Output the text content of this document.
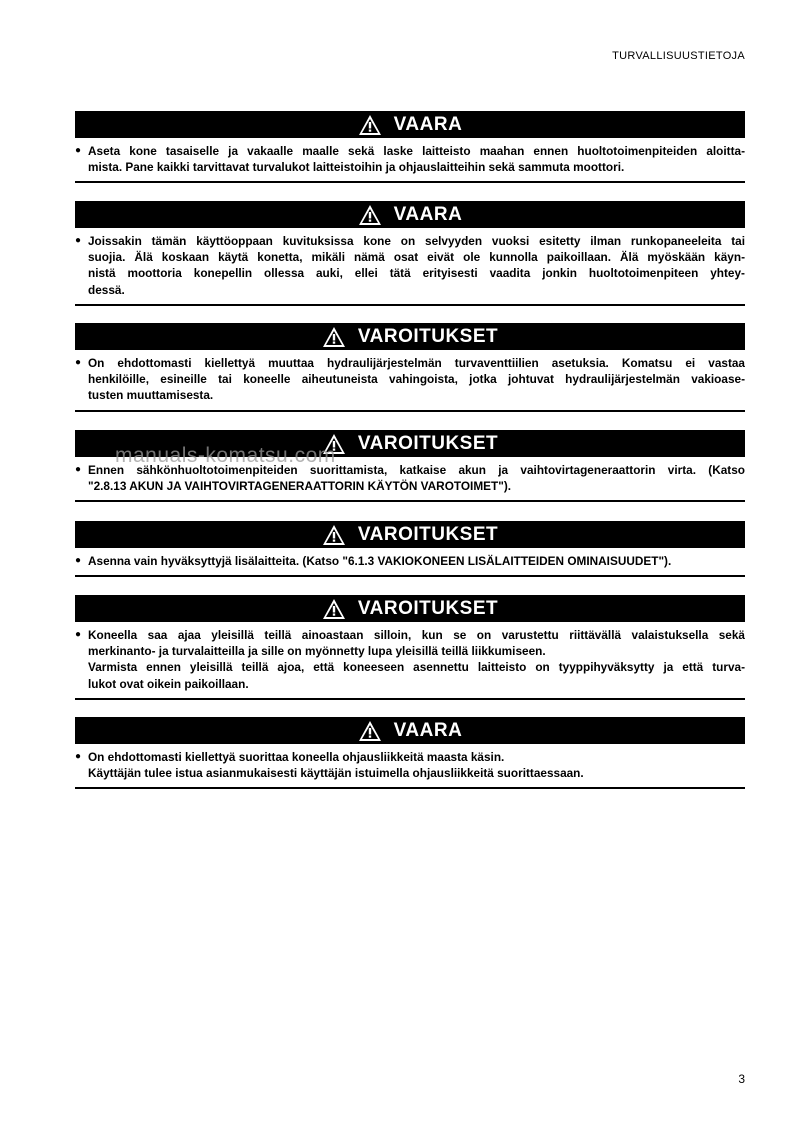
TURVALLISUUSTIETOJA
VAARA
● Aseta kone tasaiselle ja vakaalle maalle sekä laske laitteisto maahan ennen huoltotoimenpiteiden aloitta-
mista. Pane kaikki tarvittavat turvalukot laitteistoihin ja ohjauslaitteihin sekä sammuta moottori.
VAARA
● Joissakin tämän käyttöoppaan kuvituksissa kone on selvyyden vuoksi esitetty ilman runkopaneeleita tai
suojia. Älä koskaan käytä konetta, mikäli nämä osat eivät ole kunnolla paikoillaan. Älä myöskään käyn-
nistä moottoria konepellin ollessa auki, ellei tätä erityisesti vaadita jonkin huoltotoimenpiteen yhtey-
dessä.
VAROITUKSET
● On ehdottomasti kiellettyä muuttaa hydraulijärjestelmän turvaventtiilien asetuksia. Komatsu ei vastaa
henkilöille, esineille tai koneelle aiheutuneista vahingoista, jotka johtuvat hydraulijärjestelmän vakioase-
tusten muuttamisesta.
VAROITUKSET
● Ennen sähkönhuoltotoimenpiteiden suorittamista, katkaise akun ja vaihtovirtageneraattorin virta. (Katso
"2.8.13 AKUN JA VAIHTOVIRTAGENERAATTORIN KÄYTÖN VAROTOIMET").
VAROITUKSET
● Asenna vain hyväksyttyjä lisälaitteita. (Katso "6.1.3 VAKIOKONEEN LISÄLAITTEIDEN OMINAISUUDET").
VAROITUKSET
● Koneella saa ajaa yleisillä teillä ainoastaan silloin, kun se on varustettu riittävällä valaistuksella sekä
merkinanto- ja turvalaitteilla ja sille on myönnetty lupa yleisillä teillä liikkumiseen.
Varmista ennen yleisillä teillä ajoa, että koneeseen asennettu laitteisto on tyyppihyväksytty ja että turva-
lukot ovat oikein paikoillaan.
VAARA
● On ehdottomasti kiellettyä suorittaa koneella ohjausliikkeitä maasta käsin.
Käyttäjän tulee istua asianmukaisesti käyttäjän istuimella ohjausliikkeitä suorittaessaan.
manuals-komatsu.com
3
